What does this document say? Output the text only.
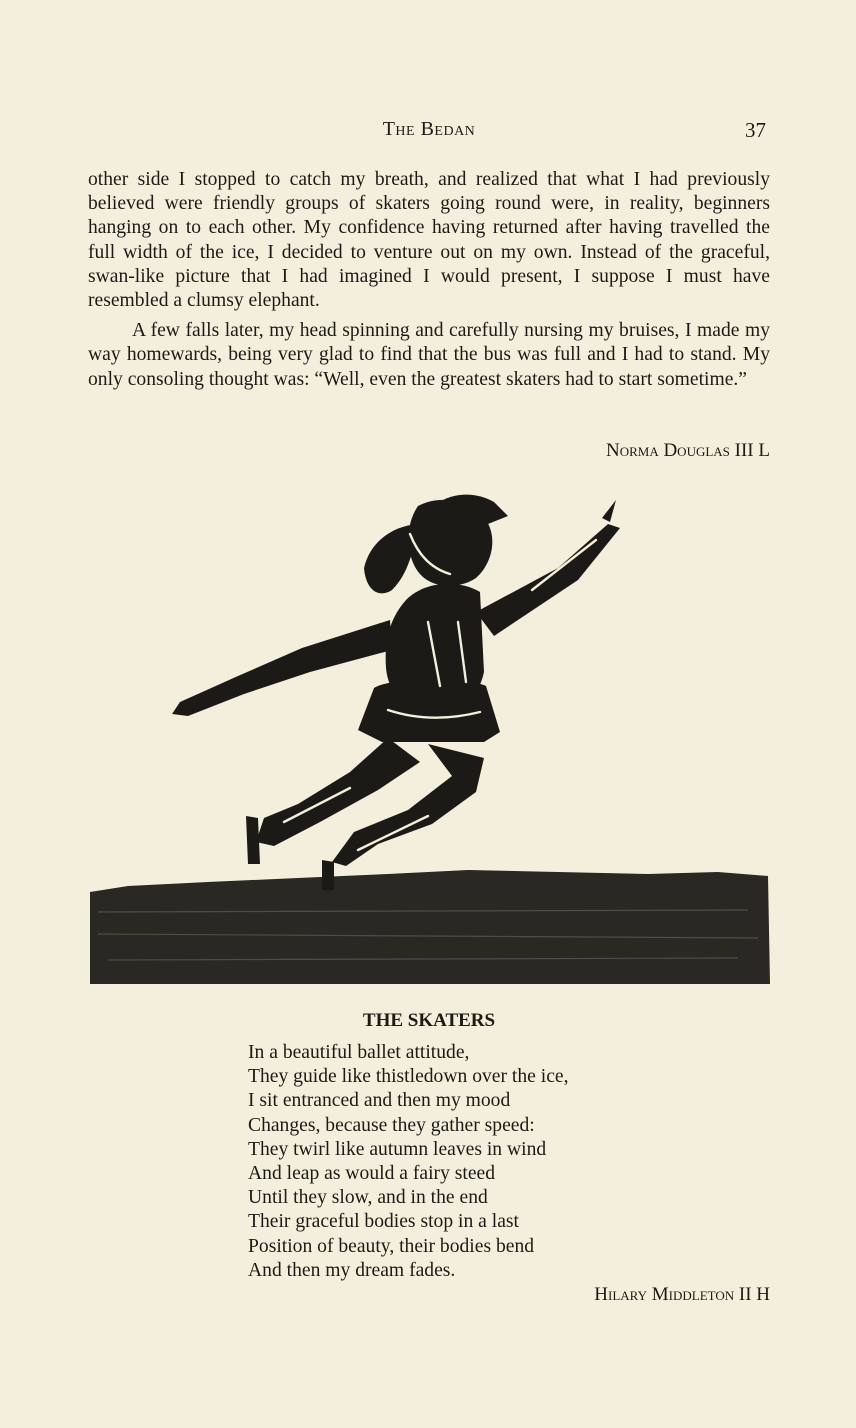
The Bedan	37

other side I stopped to catch my breath, and realized that what I had previously believed were friendly groups of skaters going round were, in reality, beginners hanging on to each other. My confidence having returned after having travelled the full width of the ice, I decided to venture out on my own. Instead of the graceful, swan-like picture that I had imagined I would present, I suppose I must have resembled a clumsy elephant.

A few falls later, my head spinning and carefully nursing my bruises, I made my way homewards, being very glad to find that the bus was full and I had to stand. My only consoling thought was: “Well, even the greatest skaters had to start sometime.”

Norma Douglas III L
THE SKATERS
In a beautiful ballet attitude,
They guide like thistledown over the ice,
I sit entranced and then my mood
Changes, because they gather speed:
They twirl like autumn leaves in wind
And leap as would a fairy steed
Until they slow, and in the end
Their graceful bodies stop in a last
Position of beauty, their bodies bend
And then my dream fades.
Hilary Middleton II H
